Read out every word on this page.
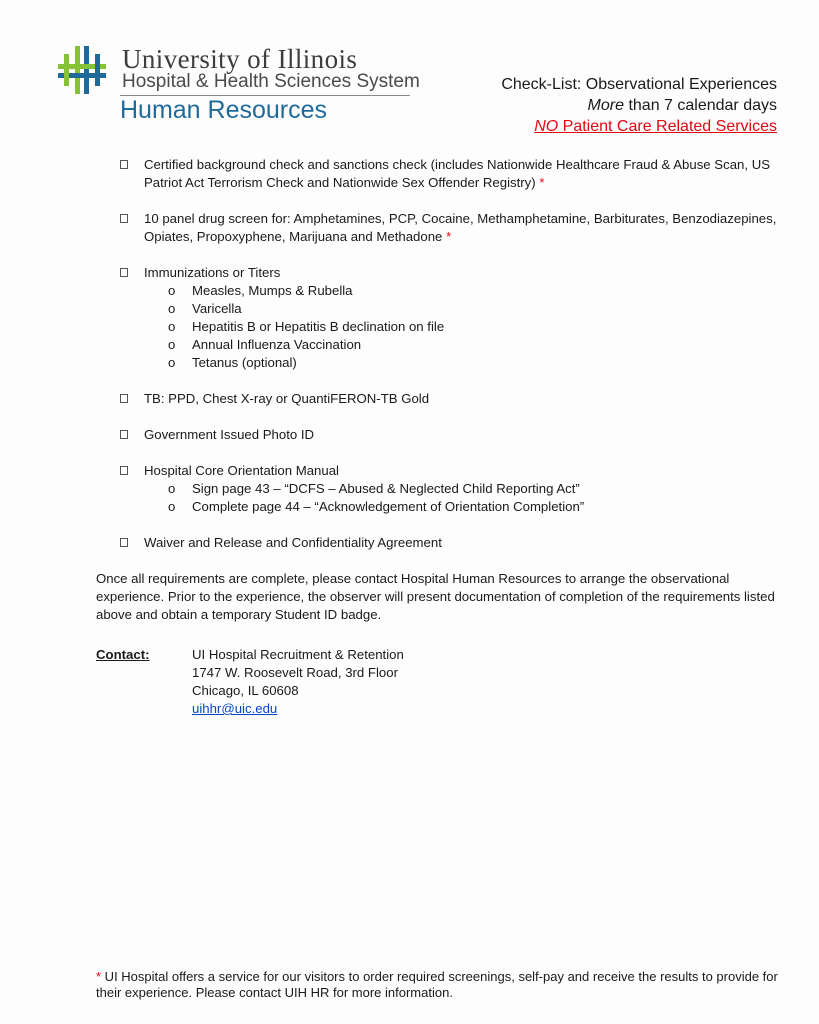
University of Illinois
Hospital & Health Sciences System
Human Resources
Check-List: Observational Experiences
More than 7 calendar days
NO Patient Care Related Services
Certified background check and sanctions check (includes Nationwide Healthcare Fraud & Abuse Scan, US Patriot Act Terrorism Check and Nationwide Sex Offender Registry) *
10 panel drug screen for: Amphetamines, PCP, Cocaine, Methamphetamine, Barbiturates, Benzodiazepines, Opiates, Propoxyphene, Marijuana and Methadone *
Immunizations or Titers
o Measles, Mumps & Rubella
o Varicella
o Hepatitis B or Hepatitis B declination on file
o Annual Influenza Vaccination
o Tetanus (optional)
TB: PPD, Chest X-ray or QuantiFERON-TB Gold
Government Issued Photo ID
Hospital Core Orientation Manual
o Sign page 43 – “DCFS – Abused & Neglected Child Reporting Act”
o Complete page 44 – “Acknowledgement of Orientation Completion”
Waiver and Release and Confidentiality Agreement
Once all requirements are complete, please contact Hospital Human Resources to arrange the observational experience. Prior to the experience, the observer will present documentation of completion of the requirements listed above and obtain a temporary Student ID badge.
Contact:	UI Hospital Recruitment & Retention
1747 W. Roosevelt Road, 3rd Floor
Chicago, IL 60608
uihhr@uic.edu
* UI Hospital offers a service for our visitors to order required screenings, self-pay and receive the results to provide for their experience. Please contact UIH HR for more information.
